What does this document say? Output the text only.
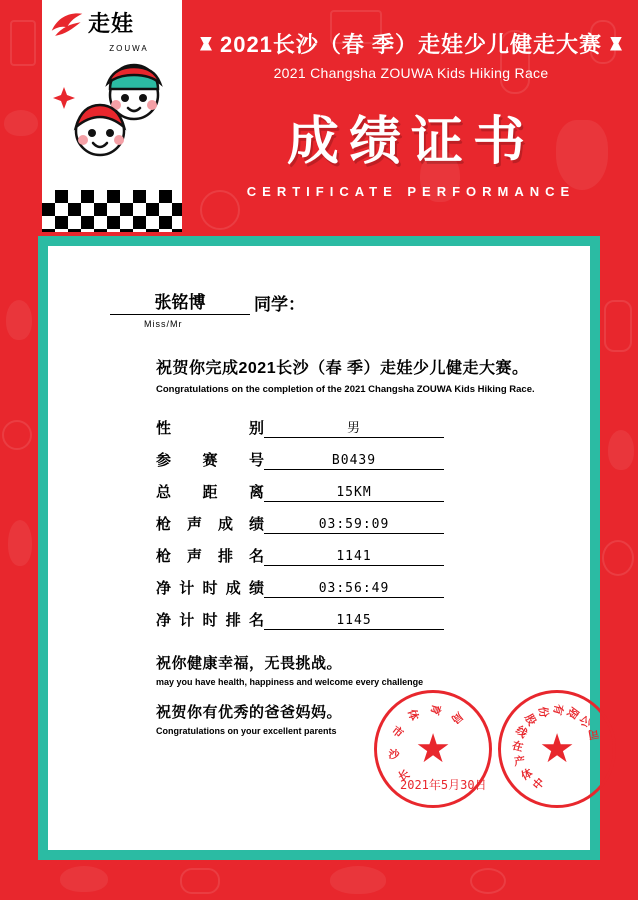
走娃
ZOUWA	2021长沙（春 季）走娃少儿健走大赛
2021 Changsha ZOUWA Kids Hiking Race
成绩证书
CERTIFICATE PERFORMANCE
张铭博	同学：
Miss/Mr
祝贺你完成2021长沙（春 季）走娃少儿健走大赛。
Congratulations on the completion of the 2021 Changsha ZOUWA Kids Hiking Race.
性	别	男
参 赛 号	B0439
总 距 离	15KM
枪 声 成 绩	03:59:09
枪 声 排 名	1141
净 计 时 成 绩	03:56:49
净 计 时 排 名	1145
祝你健康幸福，无畏挑战。
may you have health, happiness and welcome every challenge
祝贺你有优秀的爸爸妈妈。
Congratulations on your excellent parents
长
沙
市
体 育 局
★
中
体
产
在
线
股
份 有 限
公
司
★
2021年5月30日
